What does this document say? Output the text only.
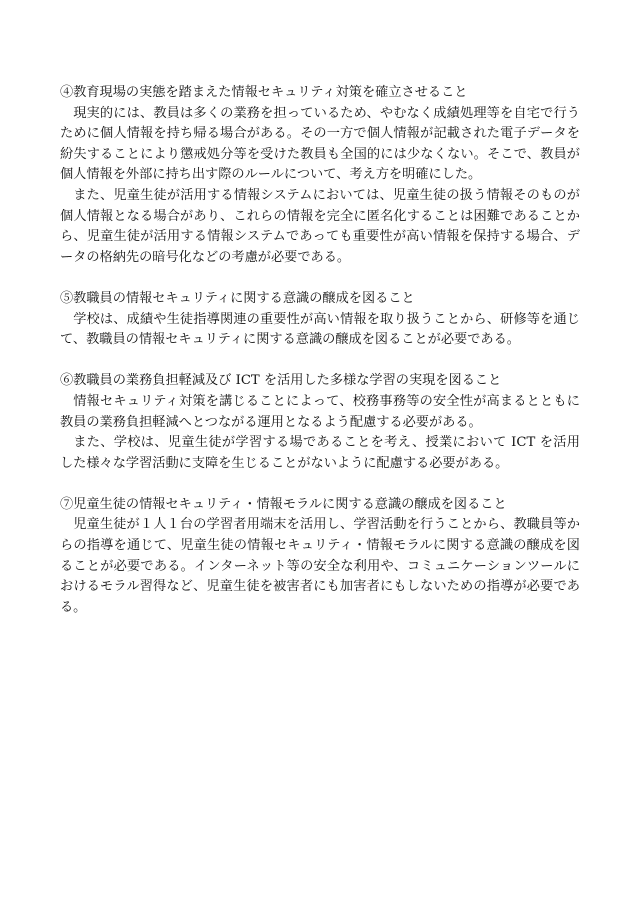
④教育現場の実態を踏まえた情報セキュリティ対策を確立させること

現実的には、教員は多くの業務を担っているため、やむなく成績処理等を自宅で行うために個人情報を持ち帰る場合がある。その一方で個人情報が記載された電子データを紛失することにより懲戒処分等を受けた教員も全国的には少なくない。そこで、教員が個人情報を外部に持ち出す際のルールについて、考え方を明確にした。

また、児童生徒が活用する情報システムにおいては、児童生徒の扱う情報そのものが個人情報となる場合があり、これらの情報を完全に匿名化することは困難であることから、児童生徒が活用する情報システムであっても重要性が高い情報を保持する場合、データの格納先の暗号化などの考慮が必要である。

⑤教職員の情報セキュリティに関する意識の醸成を図ること

学校は、成績や生徒指導関連の重要性が高い情報を取り扱うことから、研修等を通じて、教職員の情報セキュリティに関する意識の醸成を図ることが必要である。

⑥教職員の業務負担軽減及び ICT を活用した多様な学習の実現を図ること

情報セキュリティ対策を講じることによって、校務事務等の安全性が高まるとともに教員の業務負担軽減へとつながる運用となるよう配慮する必要がある。

また、学校は、児童生徒が学習する場であることを考え、授業において ICT を活用した様々な学習活動に支障を生じることがないように配慮する必要がある。

⑦児童生徒の情報セキュリティ・情報モラルに関する意識の醸成を図ること

児童生徒が１人１台の学習者用端末を活用し、学習活動を行うことから、教職員等からの指導を通じて、児童生徒の情報セキュリティ・情報モラルに関する意識の醸成を図ることが必要である。インターネット等の安全な利用や、コミュニケーションツールにおけるモラル習得など、児童生徒を被害者にも加害者にもしないための指導が必要である。
